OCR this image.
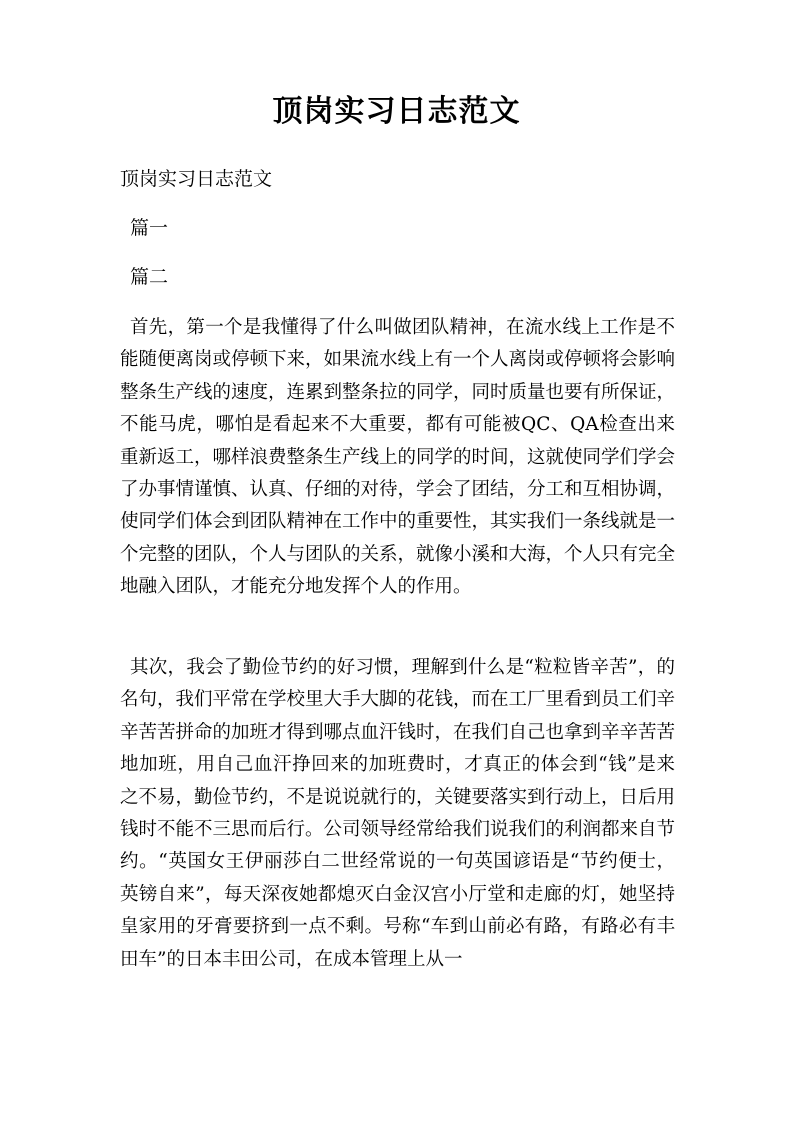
顶岗实习日志范文
顶岗实习日志范文
篇一
篇二

首先，第一个是我懂得了什么叫做团队精神，在流水线上工作是不能随便离岗或停顿下来，如果流水线上有一个人离岗或停顿将会影响整条生产线的速度，连累到整条拉的同学，同时质量也要有所保证，不能马虎，哪怕是看起来不大重要，都有可能被QC、QA检查出来重新返工，哪样浪费整条生产线上的同学的时间，这就使同学们学会了办事情谨慎、认真、仔细的对待，学会了团结，分工和互相协调，使同学们体会到团队精神在工作中的重要性，其实我们一条线就是一个完整的团队，个人与团队的关系，就像小溪和大海，个人只有完全地融入团队，才能充分地发挥个人的作用。

其次，我会了勤俭节约的好习惯，理解到什么是“粒粒皆辛苦”，的名句，我们平常在学校里大手大脚的花钱，而在工厂里看到员工们辛辛苦苦拼命的加班才得到哪点血汗钱时，在我们自己也拿到辛辛苦苦地加班，用自己血汗挣回来的加班费时，才真正的体会到“钱”是来之不易，勤俭节约，不是说说就行的，关键要落实到行动上，日后用钱时不能不三思而后行。公司领导经常给我们说我们的利润都来自节约。“英国女王伊丽莎白二世经常说的一句英国谚语是“节约便士，英镑自来”，每天深夜她都熄灭白金汉宫小厅堂和走廊的灯，她坚持皇家用的牙膏要挤到一点不剩。号称“车到山前必有路，有路必有丰田车”的日本丰田公司，在成本管理上从一
